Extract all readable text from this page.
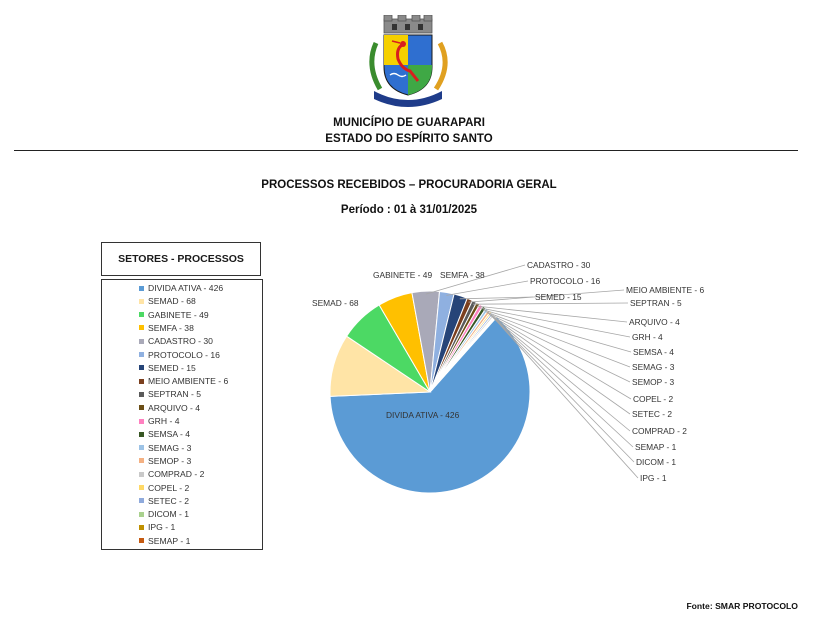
MUNICÍPIO DE GUARAPARI
ESTADO DO ESPÍRITO SANTO
PROCESSOS RECEBIDOS – PROCURADORIA GERAL
Período : 01 à 31/01/2025
SETORES - PROCESSOS
DIVIDA ATIVA - 426
SEMAD - 68
GABINETE - 49
SEMFA - 38
CADASTRO - 30
PROTOCOLO - 16
SEMED - 15
MEIO AMBIENTE - 6
SEPTRAN - 5
ARQUIVO - 4
GRH - 4
SEMSA - 4
SEMAG - 3
SEMOP - 3
COMPRAD - 2
COPEL - 2
SETEC - 2
DICOM - 1
IPG - 1
SEMAP - 1
DIVIDA ATIVA - 426
SEMAD - 68
GABINETE - 49 SEMFA - 38
CADASTRO - 30
PROTOCOLO - 16
SEMED - 15
MEIO AMBIENTE - 6
SEPTRAN - 5
ARQUIVO - 4
GRH - 4
SEMSA - 4
SEMAG - 3
SEMOP - 3
COPEL - 2
SETEC - 2
COMPRAD - 2
SEMAP - 1
DICOM - 1
IPG - 1
Fonte: SMAR PROTOCOLO
